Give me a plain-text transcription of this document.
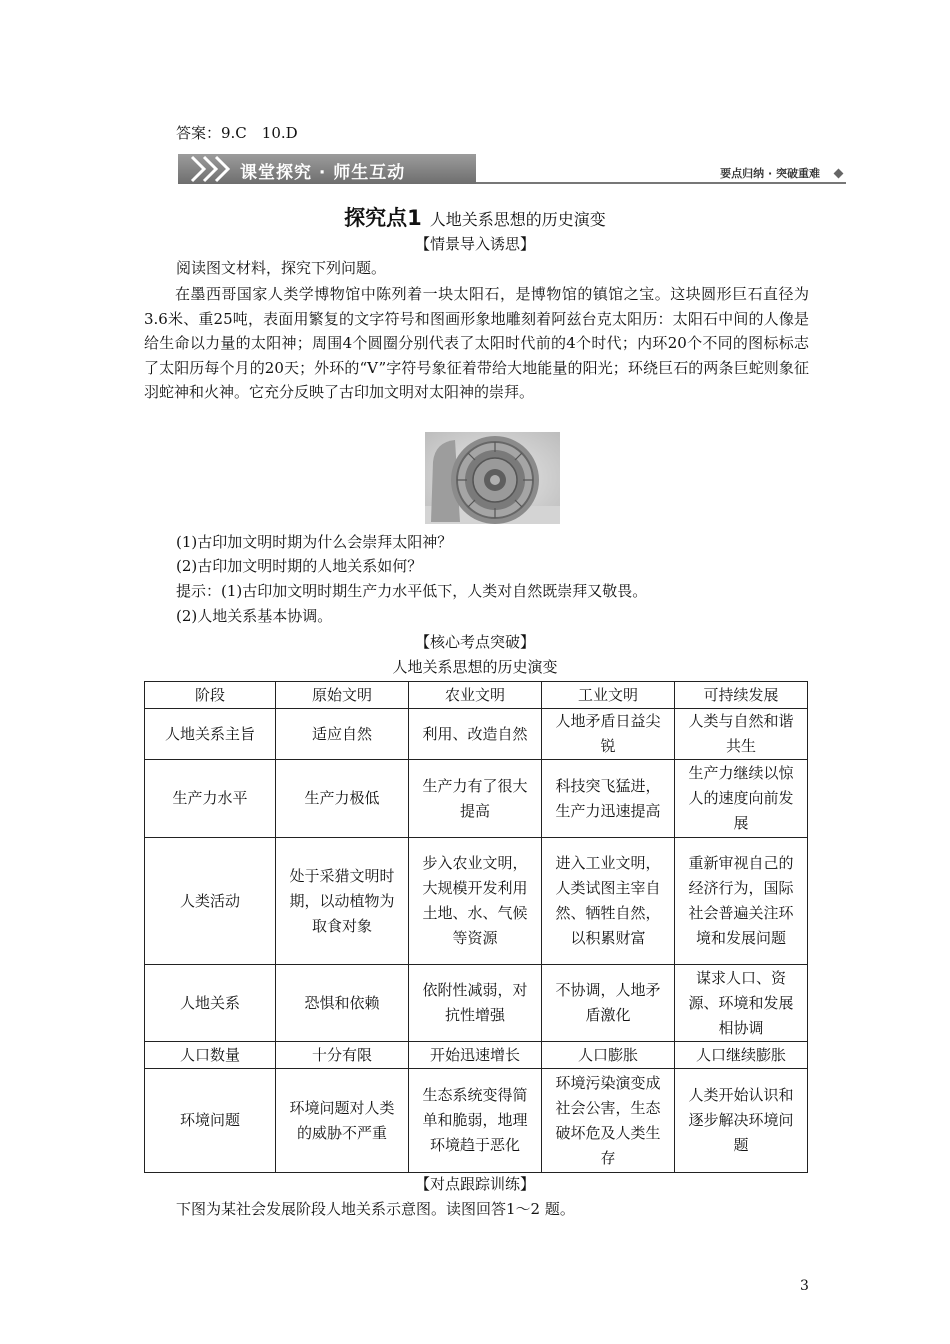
答案：9.C　10.D
课堂探究 · 师生互动	要点归纳 · 突破重难
探究点1 人地关系思想的历史演变
【情景导入诱思】
阅读图文材料，探究下列问题。
在墨西哥国家人类学博物馆中陈列着一块太阳石，是博物馆的镇馆之宝。这块圆形巨石直径为3.6米、重25吨，表面用繁复的文字符号和图画形象地雕刻着阿兹台克太阳历：太阳石中间的人像是给生命以力量的太阳神；周围4个圆圈分别代表了太阳时代前的4个时代；内环20个不同的图标标志了太阳历每个月的20天；外环的“V”字符号象征着带给大地能量的阳光；环绕巨石的两条巨蛇则象征羽蛇神和火神。它充分反映了古印加文明对太阳神的崇拜。
(1)古印加文明时期为什么会崇拜太阳神？
(2)古印加文明时期的人地关系如何？
提示：(1)古印加文明时期生产力水平低下，人类对自然既崇拜又敬畏。
(2)人地关系基本协调。
【核心考点突破】
人地关系思想的历史演变
阶段	原始文明	农业文明	工业文明	可持续发展
人地关系主旨	适应自然	利用、改造自然	人地矛盾日益尖锐	人类与自然和谐共生
生产力水平	生产力极低	生产力有了很大提高	科技突飞猛进，生产力迅速提高	生产力继续以惊人的速度向前发展
人类活动	处于采猎文明时期，以动植物为取食对象	步入农业文明，大规模开发利用土地、水、气候等资源	进入工业文明，人类试图主宰自然、牺牲自然，以积累财富	重新审视自己的经济行为，国际社会普遍关注环境和发展问题
人地关系	恐惧和依赖	依附性减弱，对抗性增强	不协调，人地矛盾激化	谋求人口、资源、环境和发展相协调
人口数量	十分有限	开始迅速增长	人口膨胀	人口继续膨胀
环境问题	环境问题对人类的威胁不严重	生态系统变得简单和脆弱，地理环境趋于恶化	环境污染演变成社会公害，生态破坏危及人类生存	人类开始认识和逐步解决环境问题
【对点跟踪训练】
下图为某社会发展阶段人地关系示意图。读图回答1～2 题。
3
